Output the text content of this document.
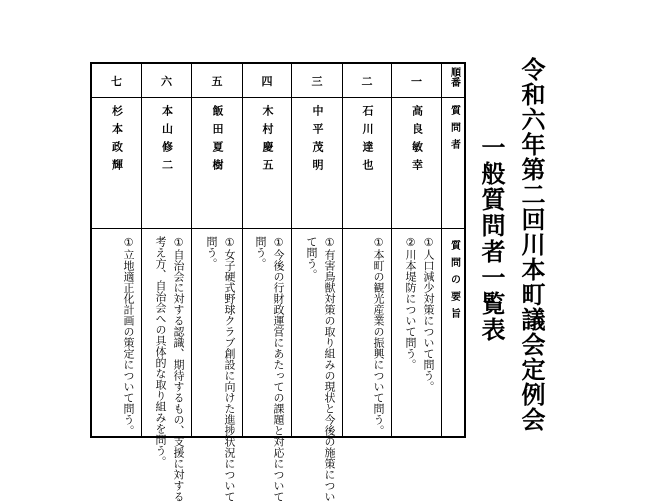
令和六年第二回川本町議会定例会
一般質問者一覧表
順番
質問者
質問の要旨
一
高良敏幸
①人口減少対策について問う。
②川本堤防について問う。
二
石川達也
①本町の観光産業の振興について問う。
三
中平茂明
①有害鳥獣対策の取り組みの現状と今後の施策につい
て問う。
四
木村慶五
①今後の行財政運営にあたっての課題と対応について
問う。
五
飯田夏樹
①女子硬式野球クラブ創設に向けた進捗状況について
問う。
六
本山修二
①自治会に対する認識、期待するもの、支援に対する
考え方、自治会への具体的な取り組みを問う。
七
杉本政輝
①立地適正化計画の策定について問う。
